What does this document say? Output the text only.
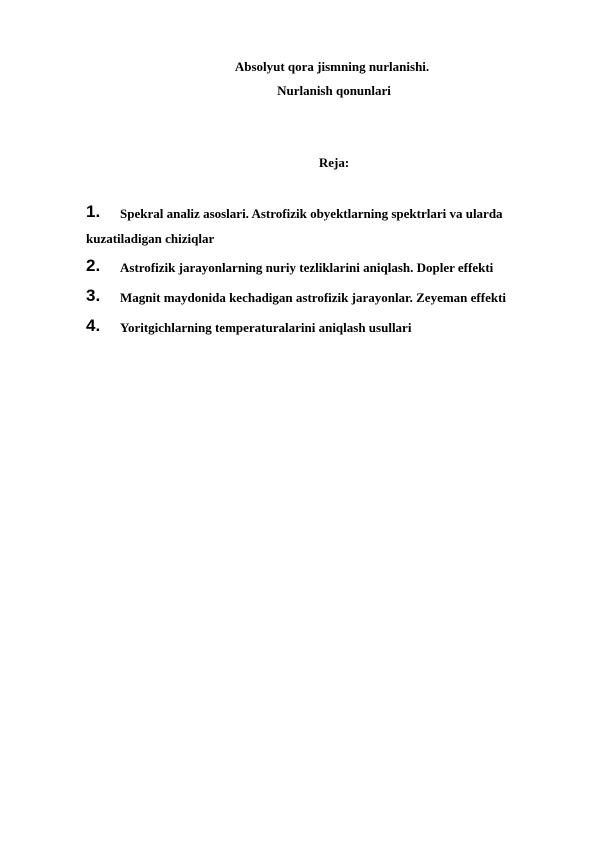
Absolyut qora jismning nurlanishi.
Nurlanish qonunlari
Reja:
1. Spekral analiz asoslari. Astrofizik obyektlarning spektrlari va ularda
kuzatiladigan chiziqlar
2. Astrofizik jarayonlarning nuriy tezliklarini aniqlash. Dopler effekti
3. Magnit maydonida kechadigan astrofizik jarayonlar. Zeyeman effekti
4. Yoritgichlarning temperaturalarini aniqlash usullari
